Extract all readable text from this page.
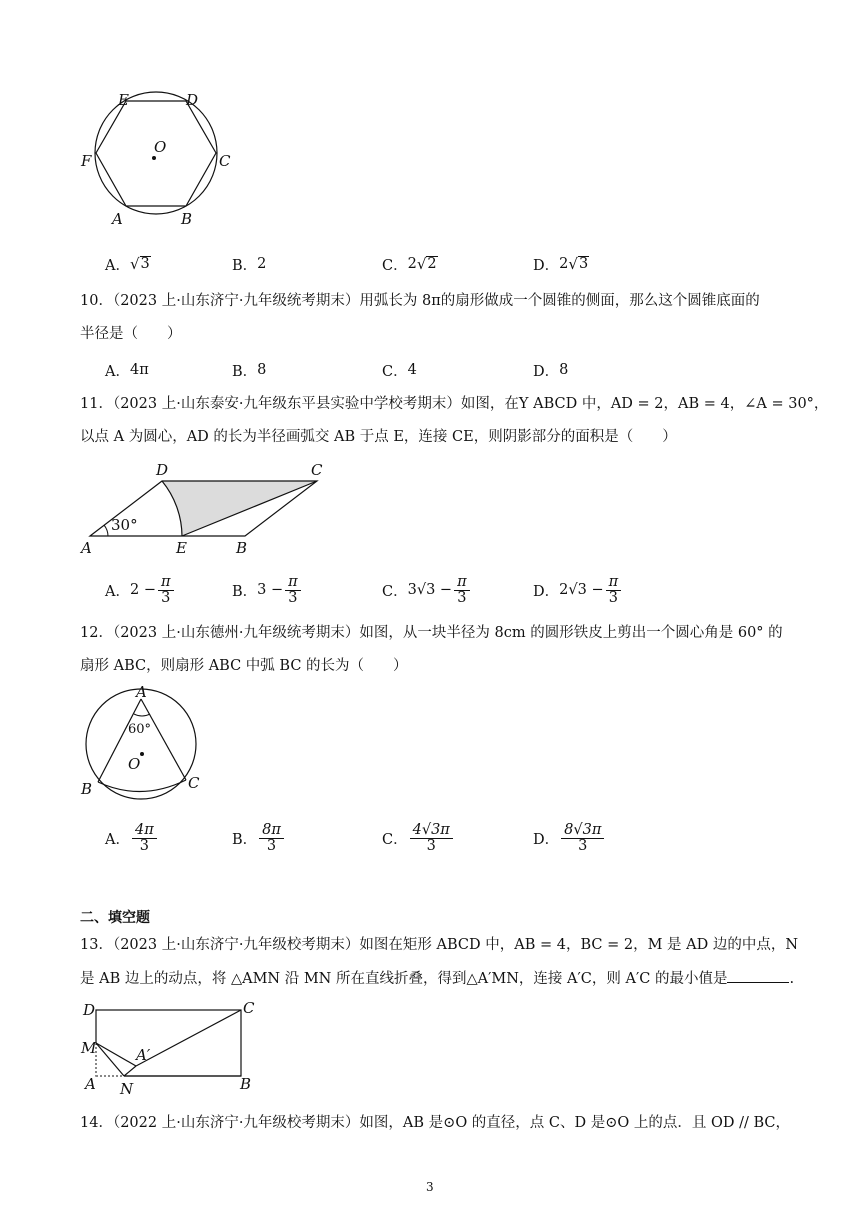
E	D
F
O
C
A	B
A． √ 3	B． 2	C． 2 √ 2	D． 2 √ 3
10．（2023 上·山东济宁·九年级统考期末）用弧长为 8π的扇形做成一个圆锥的侧面，那么这个圆锥底面的
半径是（　　）
A． 4π	B． 8	C． 4	D． 8
11．（2023 上·山东泰安·九年级东平县实验中学校考期末）如图，在Y ABCD 中，AD = 2，AB = 4，∠A = 30°，
以点 A 为圆心，AD 的长为半径画弧交 AB 于点 E，连接 CE，则阴影部分的面积是（　　）
D	C
30°
A	E	B
A． $2 - \frac{\pi}{3}$	B． $3 - \frac{\pi}{3}$	C． $3√3 - \frac{\pi}{3}$	D． $2√3 - \frac{\pi}{3}$
12．（2023 上·山东德州·九年级统考期末）如图，从一块半径为 8cm 的圆形铁皮上剪出一个圆心角是 60° 的
扇形 ABC，则扇形 ABC 中弧 BC 的长为（　　）
A
60°
O
B	C
A． $\frac{4\pi}{3}$	B． $\frac{8\pi}{3}$	C． $\frac{4√3\pi}{3}$	D． $\frac{8√3\pi}{3}$
二、填空题
13．（2023 上·山东济宁·九年级校考期末）如图在矩形 ABCD 中，AB = 4，BC = 2，M 是 AD 边的中点，N
是 AB 边上的动点，将 △AMN 沿 MN 所在直线折叠，得到△A′MN，连接 A′C，则 A′C 的最小值是	.
D	C
M	A′
A N	B
14．（2022 上·山东济宁·九年级校考期末）如图，AB 是⊙O 的直径，点 C、D 是⊙O 上的点．且 OD // BC，
3
